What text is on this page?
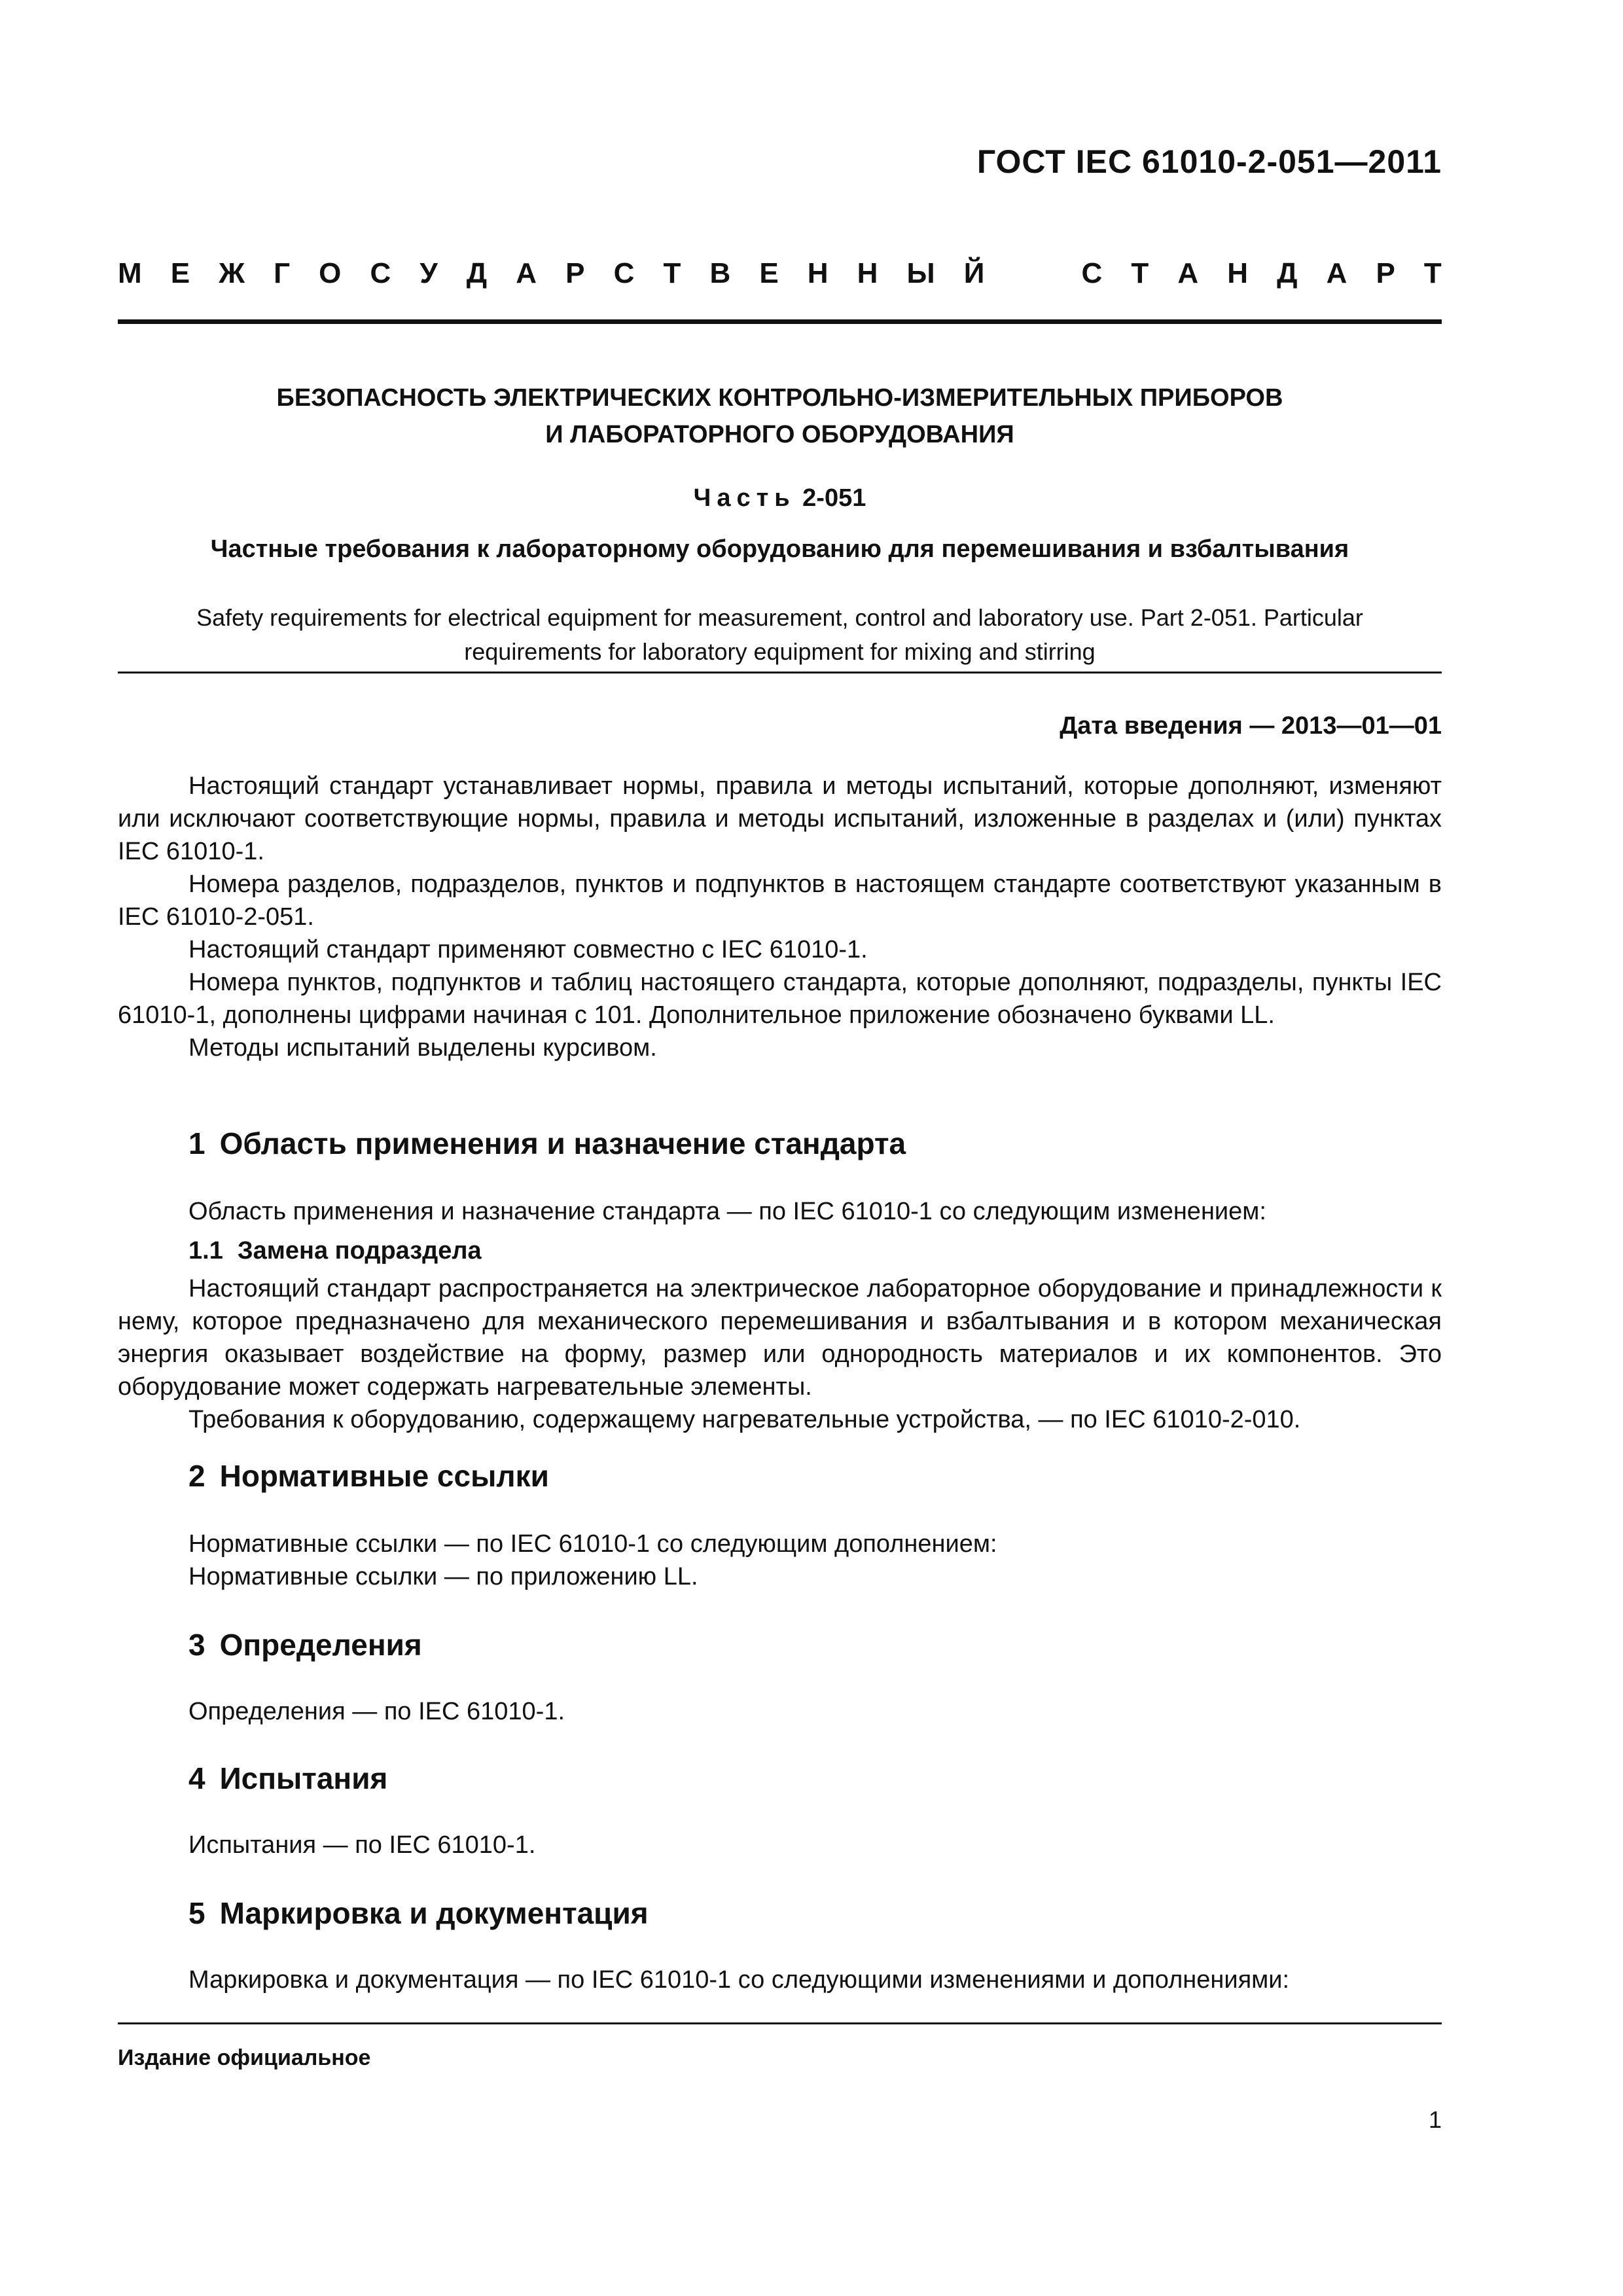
ГОСТ IEC 61010-2-051—2011
М Е Ж Г О С У Д А Р С Т В Е Н Н Ы Й	С Т А Н Д А Р Т
БЕЗОПАСНОСТЬ ЭЛЕКТРИЧЕСКИХ КОНТРОЛЬНО-ИЗМЕРИТЕЛЬНЫХ ПРИБОРОВ
И ЛАБОРАТОРНОГО ОБОРУДОВАНИЯ
Часть 2-051
Частные требования к лабораторному оборудованию для перемешивания и взбалтывания
Safety requirements for electrical equipment for measurement, control and laboratory use. Part 2-051. Particular
requirements for laboratory equipment for mixing and stirring
Дата введения — 2013—01—01

Настоящий стандарт устанавливает нормы, правила и методы испытаний, которые дополняют, изменяют или исключают соответствующие нормы, правила и методы испытаний, изложенные в разделах и (или) пунктах IEC 61010-1.

Номера разделов, подразделов, пунктов и подпунктов в настоящем стандарте соответствуют указанным в IEC 61010-2-051.

Настоящий стандарт применяют совместно с IEC 61010-1.

Номера пунктов, подпунктов и таблиц настоящего стандарта, которые дополняют, подразделы, пункты IEC 61010-1, дополнены цифрами начиная с 101. Дополнительное приложение обозначено буквами LL.

Методы испытаний выделены курсивом.

1 Область применения и назначение стандарта
Область применения и назначение стандарта — по IEC 61010-1 со следующим изменением:
1.1 Замена подраздела

Настоящий стандарт распространяется на электрическое лабораторное оборудование и принадлежности к нему, которое предназначено для механического перемешивания и взбалтывания и в котором механическая энергия оказывает воздействие на форму, размер или однородность материалов и их компонентов. Это оборудование может содержать нагревательные элементы.

Требования к оборудованию, содержащему нагревательные устройства, — по IEC 61010-2-010.

2 Нормативные ссылки
Нормативные ссылки — по IEC 61010-1 со следующим дополнением:
Нормативные ссылки — по приложению LL.
3 Определения
Определения — по IEC 61010-1.
4 Испытания
Испытания — по IEC 61010-1.
5 Маркировка и документация
Маркировка и документация — по IEC 61010-1 со следующими изменениями и дополнениями:
Издание официальное
1
